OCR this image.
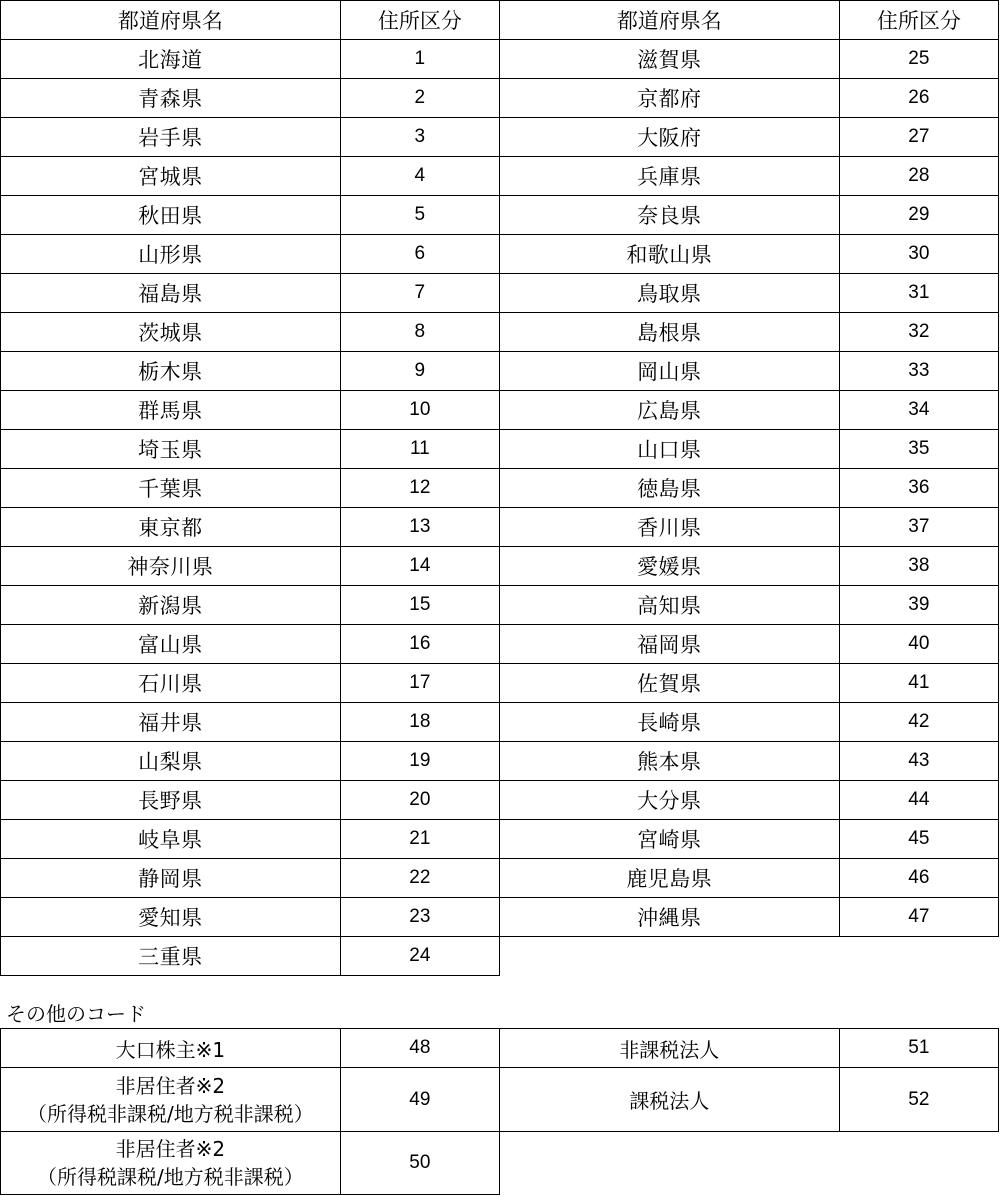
都道府県名	住所区分	都道府県名	住所区分
北海道	1	滋賀県	25
青森県	2	京都府	26
岩手県	3	大阪府	27
宮城県	4	兵庫県	28
秋田県	5	奈良県	29
山形県	6	和歌山県	30
福島県	7	鳥取県	31
茨城県	8	島根県	32
栃木県	9	岡山県	33
群馬県	10	広島県	34
埼玉県	11	山口県	35
千葉県	12	徳島県	36
東京都	13	香川県	37
神奈川県	14	愛媛県	38
新潟県	15	高知県	39
富山県	16	福岡県	40
石川県	17	佐賀県	41
福井県	18	長崎県	42
山梨県	19	熊本県	43
長野県	20	大分県	44
岐阜県	21	宮崎県	45
静岡県	22	鹿児島県	46
愛知県	23	沖縄県	47
三重県	24		
その他のコード
大口株主※1	48	非課税法人	51

非居住者※2
（所得税非課税/地方税非課税）	49	課税法人	52

非居住者※2
（所得税課税/地方税非課税）	50		
